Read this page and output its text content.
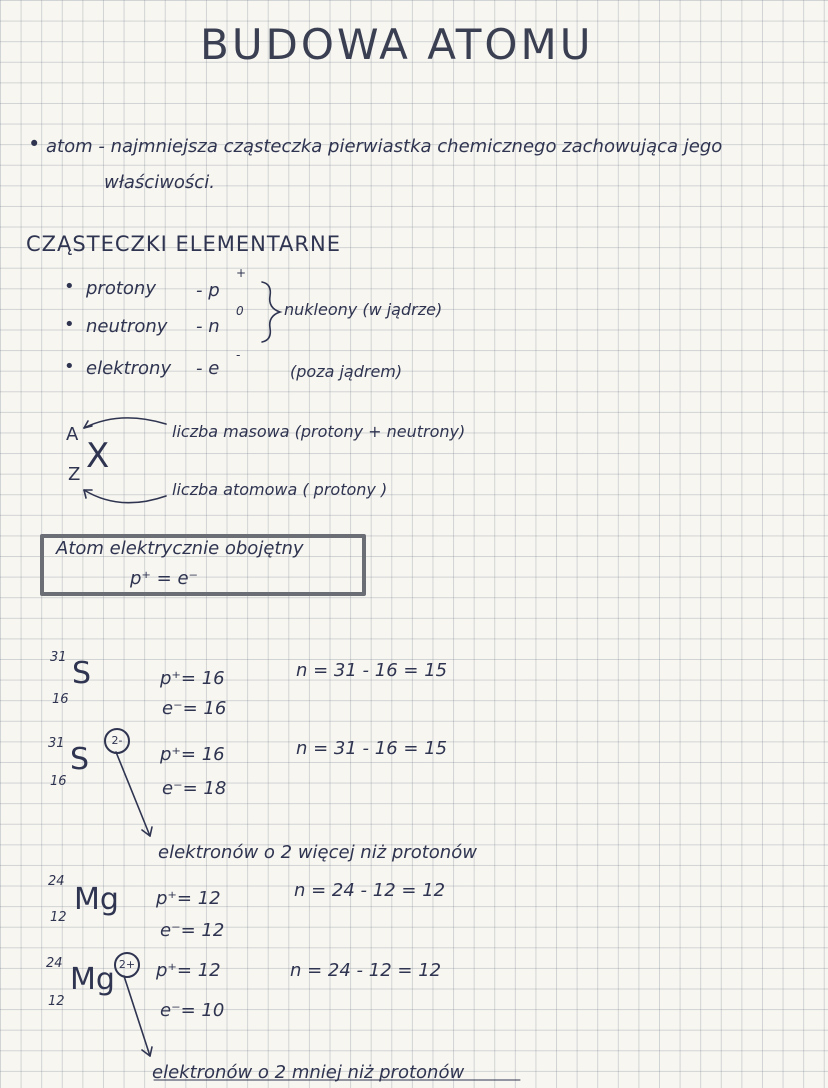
BUDOWA ATOMU
• atom - najmniejsza cząsteczka pierwiastka chemicznego zachowująca jego
właściwości.
CZĄSTECZKI ELEMENTARNE
• protony - p
+
• neutrony - n
0
• elektrony - e
-
nukleony (w jądrze)
(poza jądrem)
A
X
Z
liczba masowa (protony + neutrony)
liczba atomowa ( protony )
Atom elektrycznie obojętny
p⁺ = e⁻
31 S
16
p⁺= 16
e⁻= 16
n = 31 - 16 = 15
31 S
16
2-
p⁺= 16
e⁻= 18
n = 31 - 16 = 15
elektronów o 2 więcej niż protonów
24
Mg
12
p⁺= 12
e⁻= 12
n = 24 - 12 = 12
24 Mg
12
2+ p⁺= 12
e⁻= 10
n = 24 - 12 = 12
elektronów o 2 mniej niż protonów
